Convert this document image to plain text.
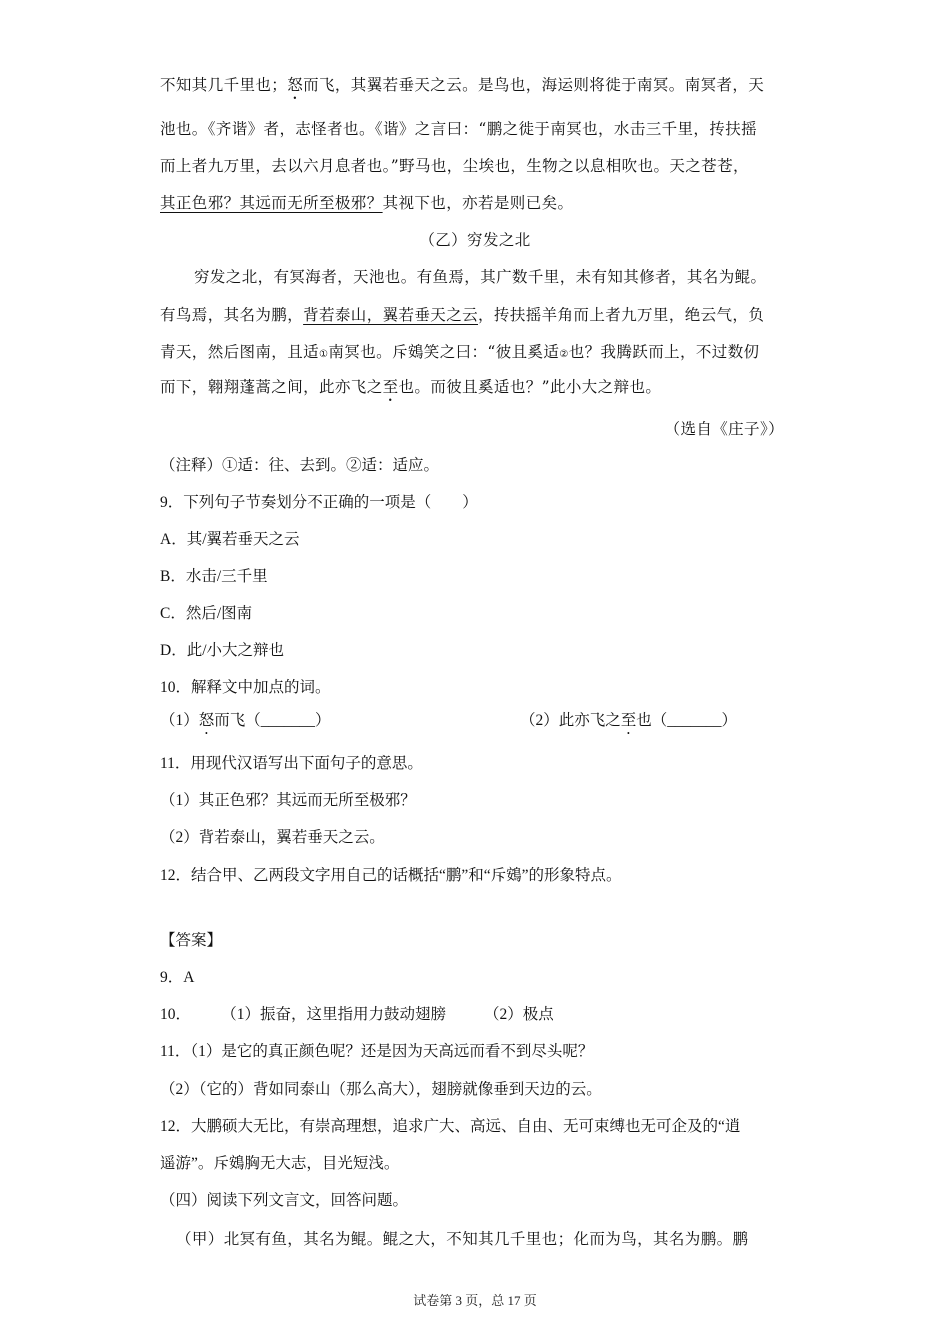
不知其几千里也；怒而飞，其翼若垂天之云。是鸟也，海运则将徙于南冥。南冥者，天

池也。《齐谐》者，志怪者也。《谐》之言曰：“鹏之徙于南冥也，水击三千里，抟扶摇

而上者九万里，去以六月息者也。”野马也，尘埃也，生物之以息相吹也。天之苍苍，

其正色邪？其远而无所至极邪？其视下也，亦若是则已矣。

（乙）穷发之北

穷发之北，有冥海者，天池也。有鱼焉，其广数千里，未有知其修者，其名为鲲。

有鸟焉，其名为鹏，背若泰山，翼若垂天之云，抟扶摇羊角而上者九万里，绝云气，负

青天，然后图南，且适①南冥也。斥鴳笑之曰：“彼且奚适②也？我腾跃而上，不过数仞

而下，翱翔蓬蒿之间，此亦飞之至也。而彼且奚适也？”此小大之辩也。

（选自《庄子》）

（注释）①适：往、去到。②适：适应。

9．下列句子节奏划分不正确的一项是（　　）

A．其/翼若垂天之云

B．水击/三千里

C．然后/图南

D．此/小大之辩也

10．解释文中加点的词。

（1）怒而飞（_______）	（2）此亦飞之至也（_______）

11．用现代汉语写出下面句子的意思。

（1）其正色邪？其远而无所至极邪？

（2）背若泰山，翼若垂天之云。

12．结合甲、乙两段文字用自己的话概括“鹏”和“斥鴳”的形象特点。

【答案】

9．A

10． （1）振奋，这里指用力鼓动翅膀 （2）极点

11．（1）是它的真正颜色呢？还是因为天高远而看不到尽头呢？

（2）（它的）背如同泰山（那么高大），翅膀就像垂到天边的云。

12．大鹏硕大无比，有崇高理想，追求广大、高远、自由、无可束缚也无可企及的“逍

遥游”。斥鴳胸无大志，目光短浅。

（四）阅读下列文言文，回答问题。

（甲）北冥有鱼，其名为鲲。鲲之大，不知其几千里也；化而为鸟，其名为鹏。鹏

试卷第 3 页，总 17 页
